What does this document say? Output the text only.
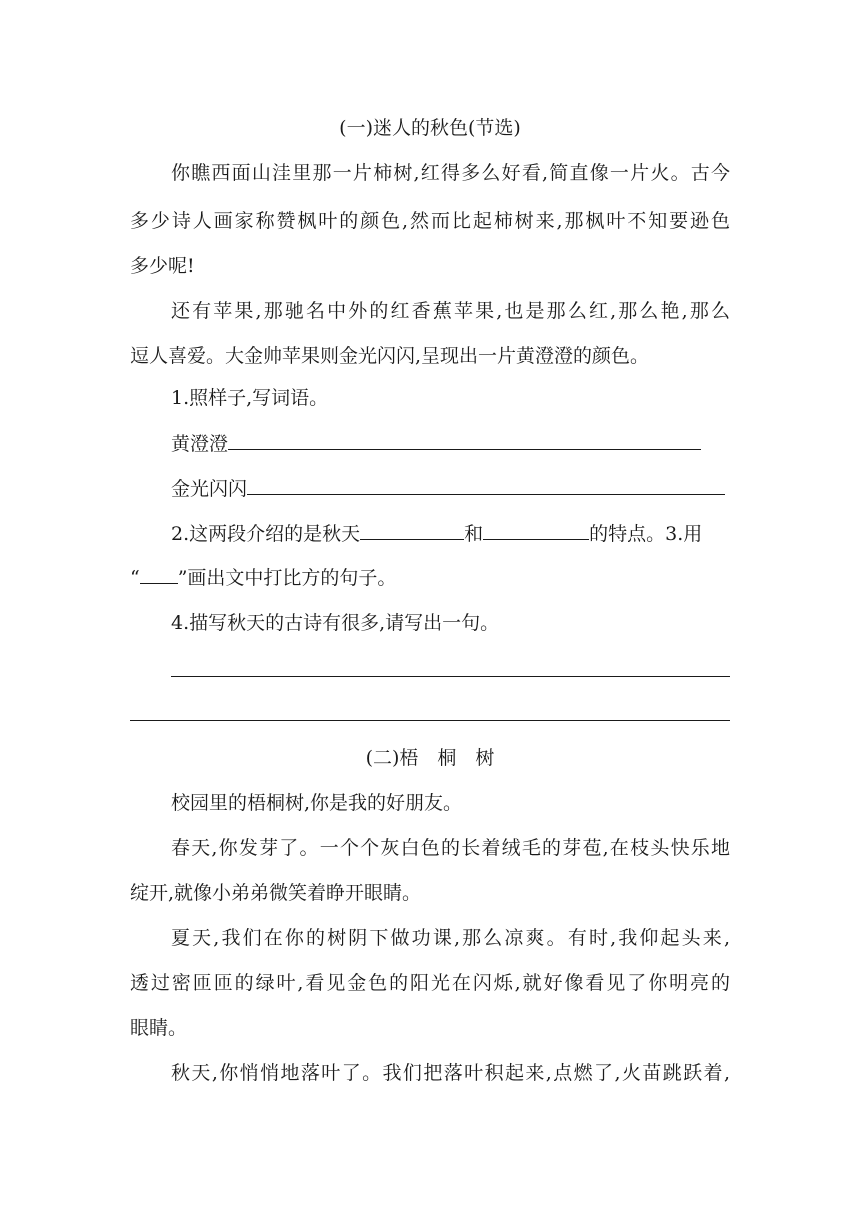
(一)迷人的秋色(节选)
你瞧西面山洼里那一片柿树,红得多么好看,简直像一片火。古今
多少诗人画家称赞枫叶的颜色,然而比起柿树来,那枫叶不知要逊色
多少呢!
还有苹果,那驰名中外的红香蕉苹果,也是那么红,那么艳,那么
逗人喜爱。大金帅苹果则金光闪闪,呈现出一片黄澄澄的颜色。
1.照样子,写词语。
黄澄澄
金光闪闪
2.这两段介绍的是秋天	和	的特点。3.用
“ ”画出文中打比方的句子。
4.描写秋天的古诗有很多,请写出一句。
(二)梧　桐　树
校园里的梧桐树,你是我的好朋友。
春天,你发芽了。一个个灰白色的长着绒毛的芽苞,在枝头快乐地
绽开,就像小弟弟微笑着睁开眼睛。
夏天,我们在你的树阴下做功课,那么凉爽。有时,我仰起头来,
透过密匝匝的绿叶,看见金色的阳光在闪烁,就好像看见了你明亮的
眼睛。
秋天,你悄悄地落叶了。我们把落叶积起来,点燃了,火苗跳跃着,
